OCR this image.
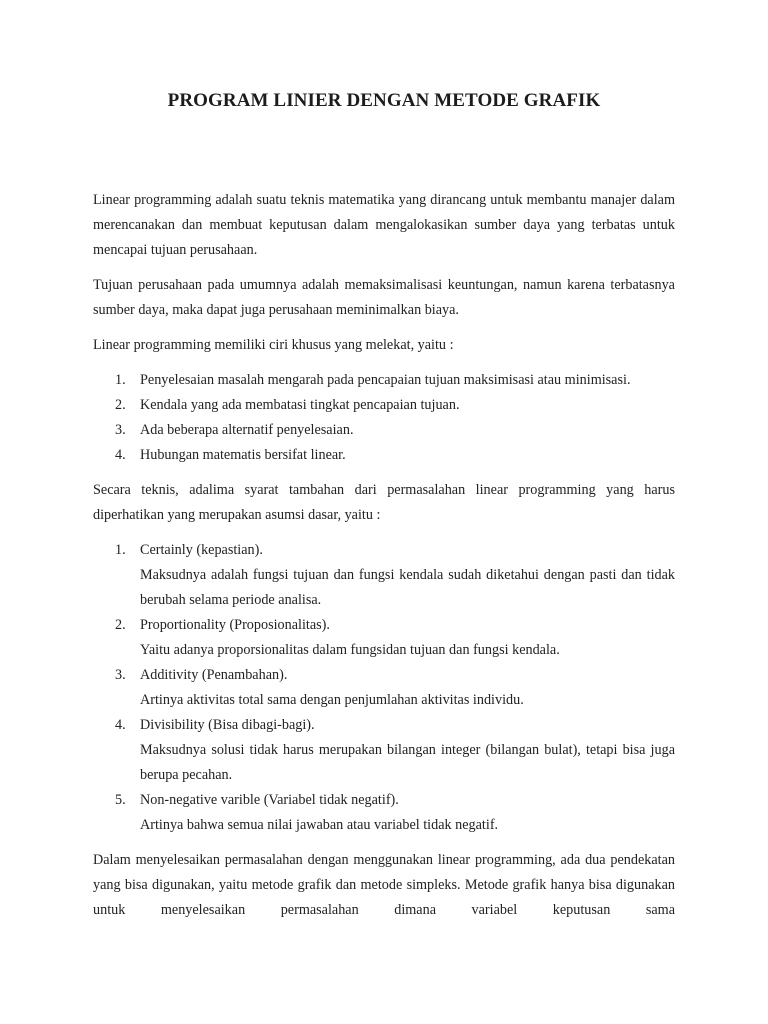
PROGRAM LINIER DENGAN METODE GRAFIK

Linear programming adalah suatu teknis matematika yang dirancang untuk membantu manajer dalam merencanakan dan membuat keputusan dalam mengalokasikan sumber daya yang terbatas untuk mencapai tujuan perusahaan.

Tujuan perusahaan pada umumnya adalah memaksimalisasi keuntungan, namun karena terbatasnya sumber daya, maka dapat juga perusahaan meminimalkan biaya.

Linear programming memiliki ciri khusus yang melekat, yaitu :

1. Penyelesaian masalah mengarah pada pencapaian tujuan maksimisasi atau minimisasi.
2. Kendala yang ada membatasi tingkat pencapaian tujuan.
3. Ada beberapa alternatif penyelesaian.
4. Hubungan matematis bersifat linear.

Secara teknis, adalima syarat tambahan dari permasalahan linear programming yang harus diperhatikan yang merupakan asumsi dasar, yaitu :

1. Certainly (kepastian).
Maksudnya adalah fungsi tujuan dan fungsi kendala sudah diketahui dengan pasti dan tidak berubah selama periode analisa.
2. Proportionality (Proposionalitas).
Yaitu adanya proporsionalitas dalam fungsidan tujuan dan fungsi kendala.
3. Additivity (Penambahan).
Artinya aktivitas total sama dengan penjumlahan aktivitas individu.
4. Divisibility (Bisa dibagi-bagi).
Maksudnya solusi tidak harus merupakan bilangan integer (bilangan bulat), tetapi bisa juga berupa pecahan.
5. Non-negative varible (Variabel tidak negatif).
Artinya bahwa semua nilai jawaban atau variabel tidak negatif.

Dalam menyelesaikan permasalahan dengan menggunakan linear programming, ada dua pendekatan yang bisa digunakan, yaitu metode grafik dan metode simpleks. Metode grafik hanya bisa digunakan untuk menyelesaikan permasalahan dimana variabel keputusan sama
